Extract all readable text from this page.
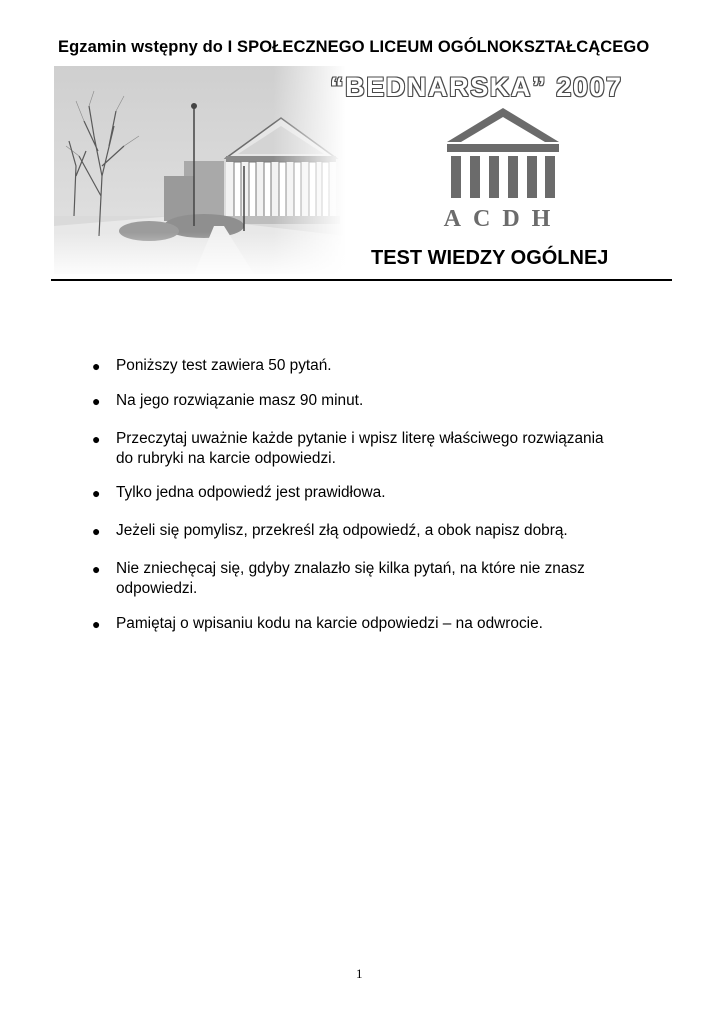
Egzamin wstępny do I SPOŁECZNEGO LICEUM OGÓLNOKSZTAŁCĄCEGO
“BEDNARSKA” 2007
ACDH
TEST WIEDZY OGÓLNEJ
● Poniższy test zawiera 50 pytań.
● Na jego rozwiązanie masz 90 minut.
● Przeczytaj uważnie każde pytanie i wpisz literę właściwego rozwiązania do rubryki na karcie odpowiedzi.
● Tylko jedna odpowiedź jest prawidłowa.
● Jeżeli się pomylisz, przekreśl złą odpowiedź, a obok napisz dobrą.
● Nie zniechęcaj się, gdyby znalazło się kilka pytań, na które nie znasz odpowiedzi.
● Pamiętaj o wpisaniu kodu na karcie odpowiedzi – na odwrocie.
1
